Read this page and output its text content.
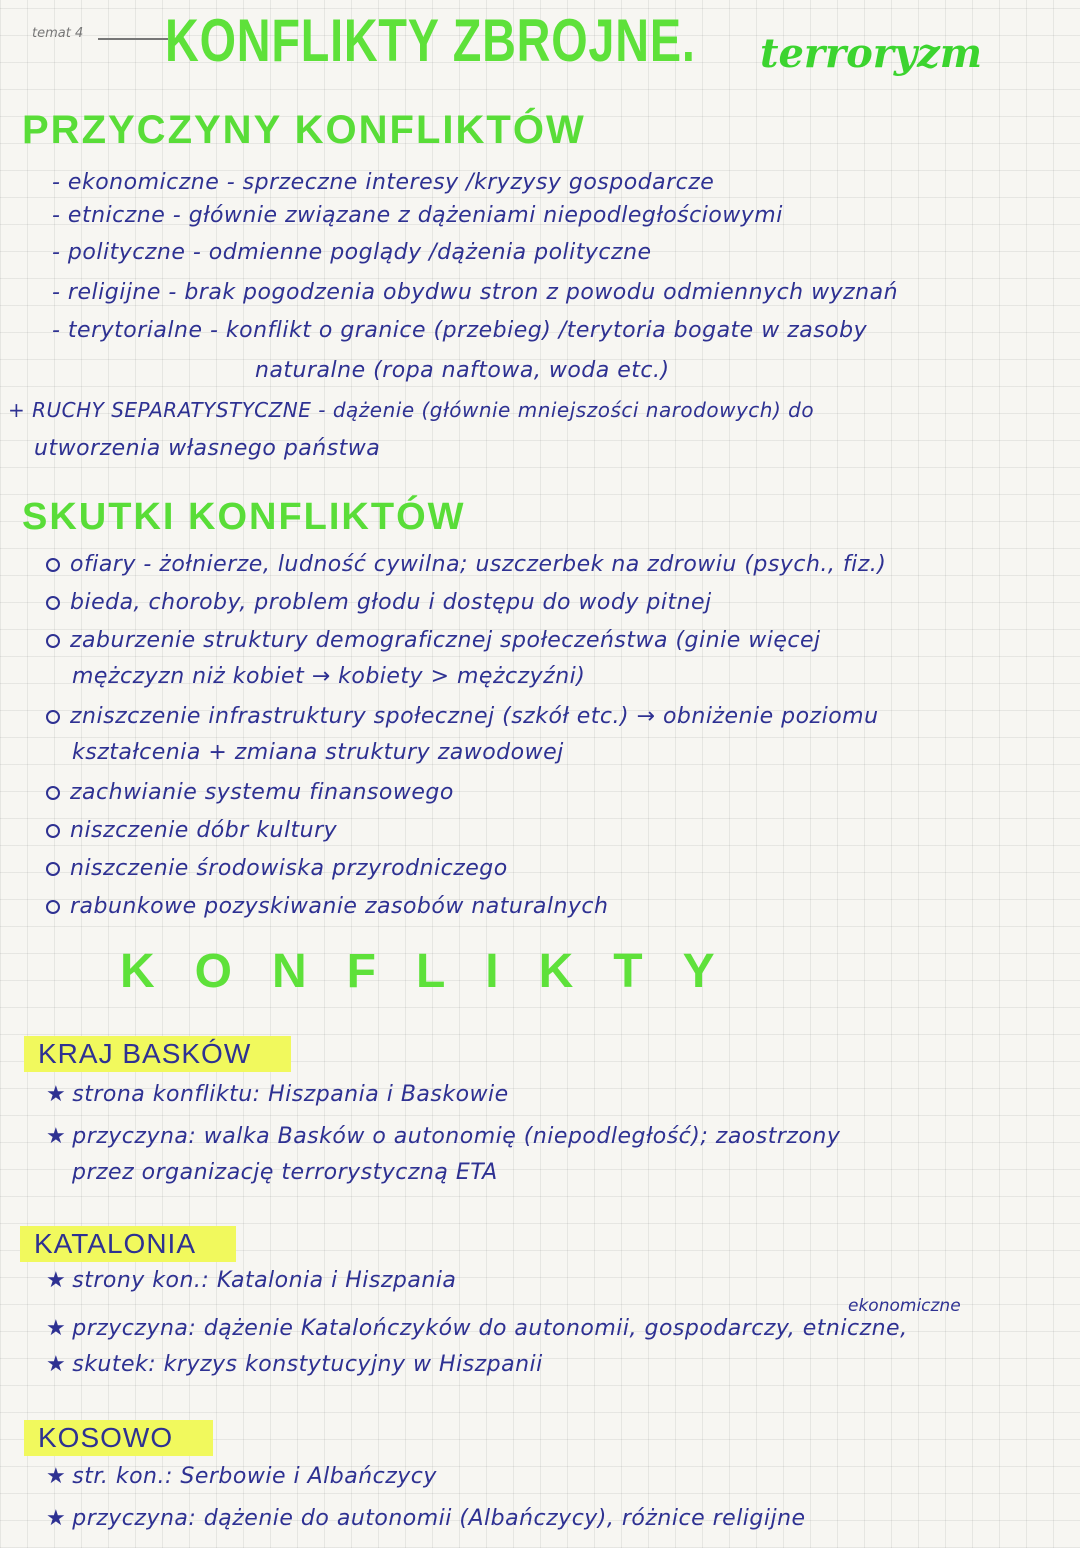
temat 4 KONFLIKTY ZBROJNE. terroryzm
PRZYCZYNY KONFLIKTÓW
- ekonomiczne - sprzeczne interesy /kryzysy gospodarcze
- etniczne - głównie związane z dążeniami niepodległościowymi
- polityczne - odmienne poglądy /dążenia polityczne
- religijne - brak pogodzenia obydwu stron z powodu odmiennych wyznań
- terytorialne - konflikt o granice (przebieg) /terytoria bogate w zasoby
naturalne (ropa naftowa, woda etc.)
+ RUCHY SEPARATYSTYCZNE - dążenie (głównie mniejszości narodowych) do
utworzenia własnego państwa
SKUTKI KONFLIKTÓW
ofiary - żołnierze, ludność cywilna; uszczerbek na zdrowiu (psych., fiz.)
bieda, choroby, problem głodu i dostępu do wody pitnej
zaburzenie struktury demograficznej społeczeństwa (ginie więcej
mężczyzn niż kobiet → kobiety > mężczyźni)
zniszczenie infrastruktury społecznej (szkół etc.) → obniżenie poziomu
kształcenia + zmiana struktury zawodowej
zachwianie systemu finansowego
niszczenie dóbr kultury
niszczenie środowiska przyrodniczego
rabunkowe pozyskiwanie zasobów naturalnych
KONFLIKTY
KRAJ BASKÓW
★ strona konfliktu: Hiszpania i Baskowie
★ przyczyna: walka Basków o autonomię (niepodległość); zaostrzony
przez organizację terrorystyczną ETA
KATALONIA
★ strony kon.: Katalonia i Hiszpania
ekonomiczne
★ przyczyna: dążenie Katalończyków do autonomii, gospodarczy, etniczne,
★ skutek: kryzys konstytucyjny w Hiszpanii
KOSOWO
★ str. kon.: Serbowie i Albańczycy
★ przyczyna: dążenie do autonomii (Albańczycy), różnice religijne
